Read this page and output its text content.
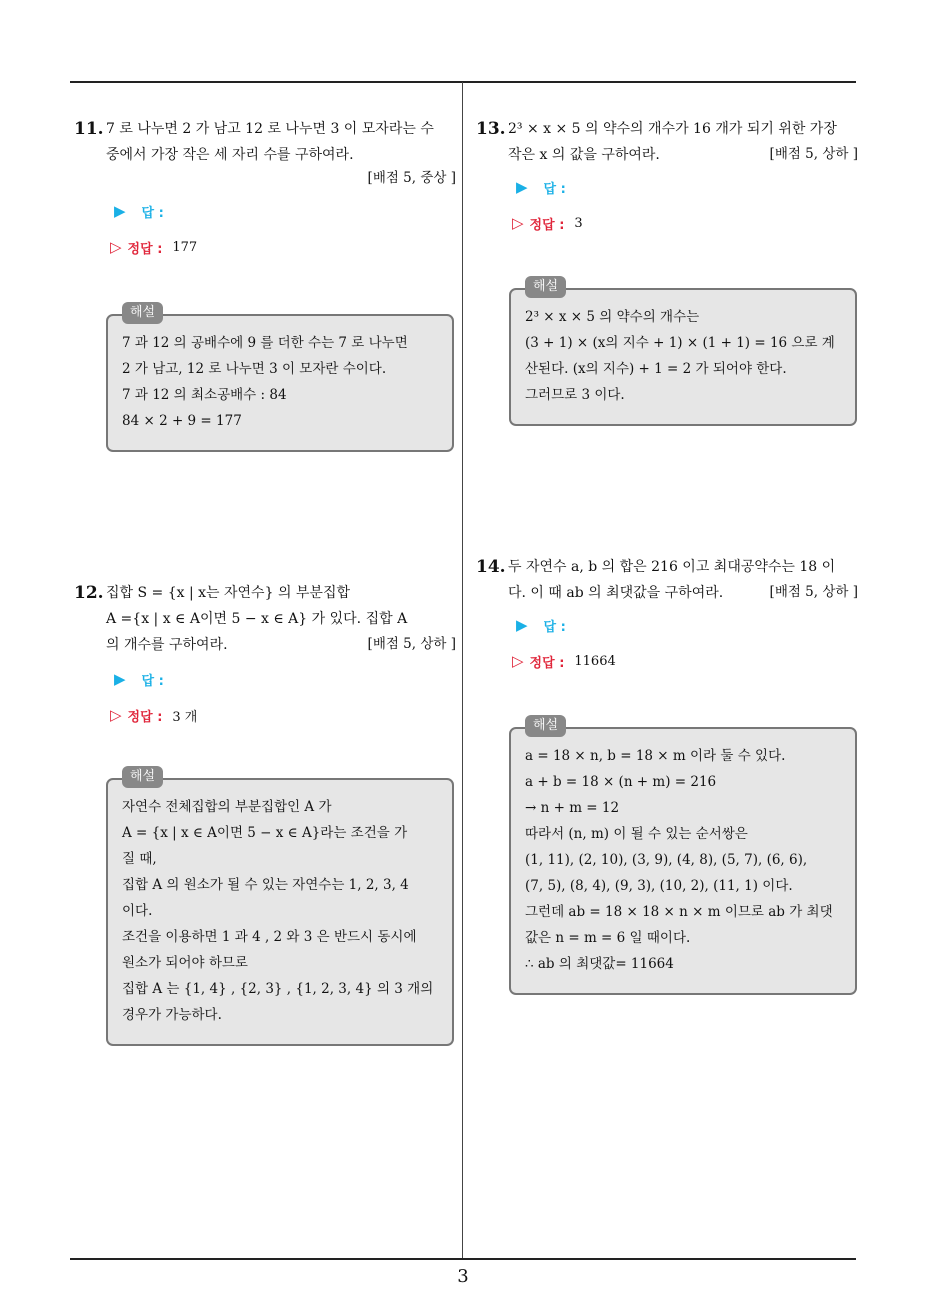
3
11. 7 로 나누면 2 가 남고 12 로 나누면 3 이 모자라는 수
중에서 가장 작은 세 자리 수를 구하여라.
[배점 5, 중상 ]
▶ 답 :
▷ 정답 : 177
해설
7 과 12 의 공배수에 9 를 더한 수는 7 로 나누면
2 가 남고, 12 로 나누면 3 이 모자란 수이다.
7 과 12 의 최소공배수 : 84
84 × 2 + 9 = 177
12. 집합 S = {x | x는 자연수} 의 부분집합
A ={x | x ∈ A이면 5 − x ∈ A} 가 있다. 집합 A
의 개수를 구하여라.	[배점 5, 상하 ]
▶ 답 :
▷ 정답 : 3 개
해설
자연수 전체집합의 부분집합인 A 가
A = {x | x ∈ A이면 5 − x ∈ A}라는 조건을 가
질 때,
집합 A 의 원소가 될 수 있는 자연수는 1, 2, 3, 4
이다.
조건을 이용하면 1 과 4 , 2 와 3 은 반드시 동시에
원소가 되어야 하므로
집합 A 는 {1, 4} , {2, 3} , {1, 2, 3, 4} 의 3 개의
경우가 가능하다.
13. 2³ × x × 5 의 약수의 개수가 16 개가 되기 위한 가장
작은 x 의 값을 구하여라.	[배점 5, 상하 ]
▶ 답 :
▷ 정답 : 3
해설
2³ × x × 5 의 약수의 개수는
(3 + 1) × (x의 지수 + 1) × (1 + 1) = 16 으로 계
산된다. (x의 지수) + 1 = 2 가 되어야 한다.
그러므로 3 이다.
14. 두 자연수 a, b 의 합은 216 이고 최대공약수는 18 이
다. 이 때 ab 의 최댓값을 구하여라.	[배점 5, 상하 ]
▶ 답 :
▷ 정답 : 11664
해설
a = 18 × n, b = 18 × m 이라 둘 수 있다.
a + b = 18 × (n + m) = 216
→ n + m = 12
따라서 (n, m) 이 될 수 있는 순서쌍은
(1, 11), (2, 10), (3, 9), (4, 8), (5, 7), (6, 6),
(7, 5), (8, 4), (9, 3), (10, 2), (11, 1) 이다.
그런데 ab = 18 × 18 × n × m 이므로 ab 가 최댓
값은 n = m = 6 일 때이다.
∴ ab 의 최댓값= 11664
